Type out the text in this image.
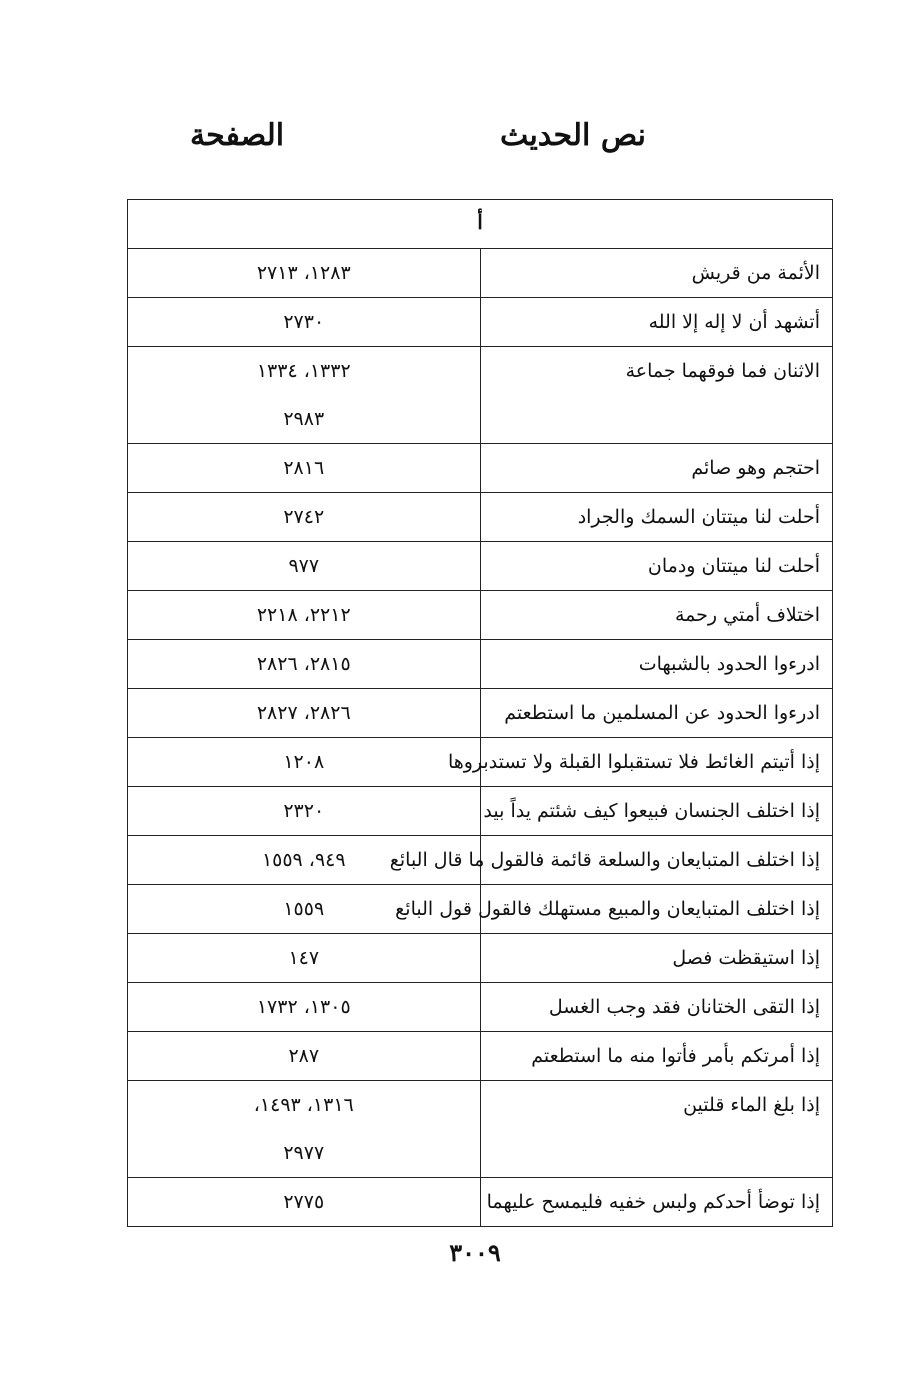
نص الحديث
الصفحة
أ	

الأئمة من قريش	١٢٨٣، ٢٧١٣

أتشهد أن لا إله إلا الله	٢٧٣٠

الاثنان فما فوقهما جماعة	١٣٣٢، ١٣٣٤
٢٩٨٣

احتجم وهو صائم	٢٨١٦

أحلت لنا ميتتان السمك والجراد	٢٧٤٢

أحلت لنا ميتتان ودمان	٩٧٧

اختلاف أمتي رحمة	٢٢١٢، ٢٢١٨

ادرءوا الحدود بالشبهات	٢٨١٥، ٢٨٢٦

ادرءوا الحدود عن المسلمين ما استطعتم	٢٨٢٦، ٢٨٢٧

إذا أتيتم الغائط فلا تستقبلوا القبلة ولا تستدبروها	١٢٠٨

إذا اختلف الجنسان فبيعوا كيف شئتم يداً بيد	٢٣٢٠

إذا اختلف المتبايعان والسلعة قائمة فالقول ما قال البائع	٩٤٩، ١٥٥٩

إذا اختلف المتبايعان والمبيع مستهلك فالقول قول البائع	١٥٥٩

إذا استيقظت فصل	١٤٧

إذا التقى الختانان فقد وجب الغسل	١٣٠٥، ١٧٣٢

إذا أمرتكم بأمر فأتوا منه ما استطعتم	٢٨٧

إذا بلغ الماء قلتين	١٣١٦، ١٤٩٣،
٢٩٧٧

إذا توضأ أحدكم ولبس خفيه فليمسح عليهما	٢٧٧٥
٣٠٠٩
